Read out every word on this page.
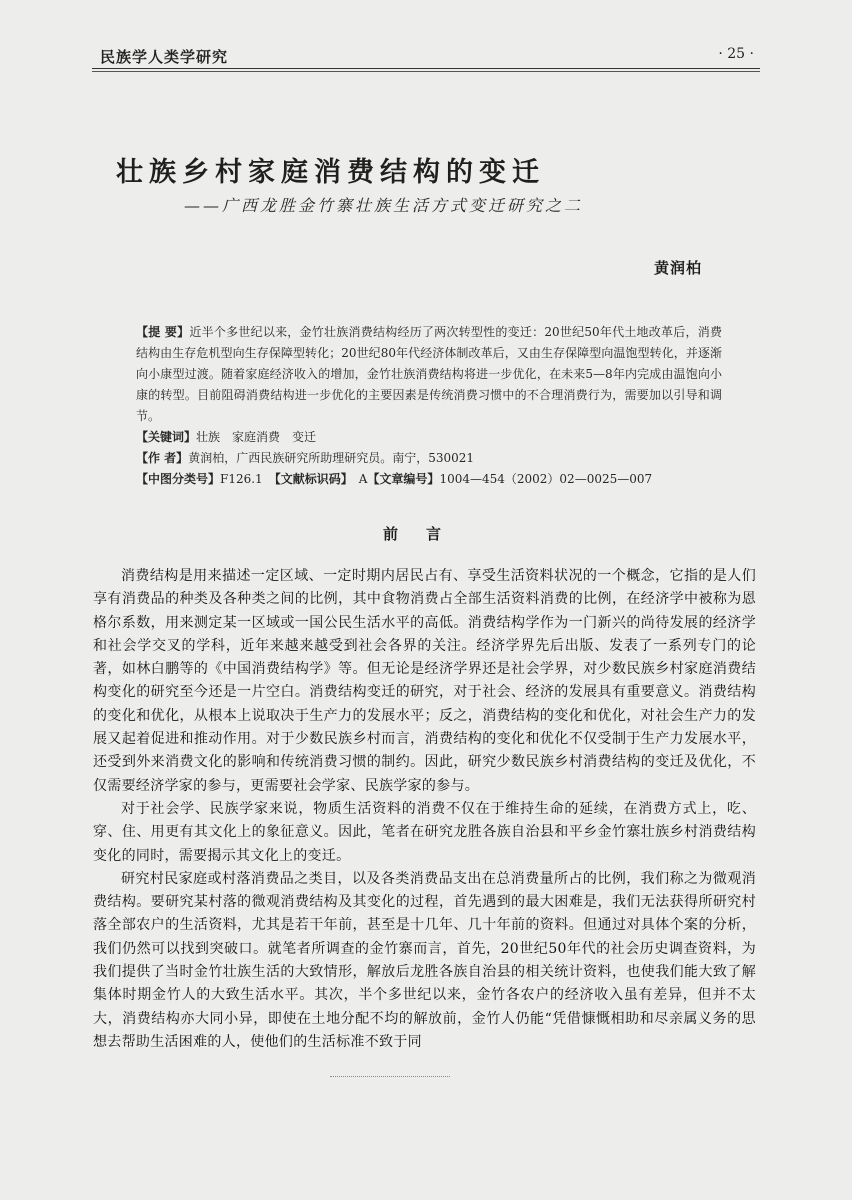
民族学人类学研究	· 25 ·
壮族乡村家庭消费结构的变迁
——广西龙胜金竹寨壮族生活方式变迁研究之二
黄润柏

【提 要】近半个多世纪以来，金竹壮族消费结构经历了两次转型性的变迁：20世纪50年代土地改革后，消费结构由生存危机型向生存保障型转化；20世纪80年代经济体制改革后，又由生存保障型向温饱型转化，并逐渐向小康型过渡。随着家庭经济收入的增加，金竹壮族消费结构将进一步优化，在未来5—8年内完成由温饱向小康的转型。目前阻碍消费结构进一步优化的主要因素是传统消费习惯中的不合理消费行为，需要加以引导和调节。

【关键词】壮族　家庭消费　变迁

【作 者】黄润柏，广西民族研究所助理研究员。南宁，530021

【中图分类号】F126.1　 【文献标识码】　 A【文章编号】1004—454（2002）02—0025—007

前言

消费结构是用来描述一定区域、一定时期内居民占有、享受生活资料状况的一个概念，它指的是人们享有消费品的种类及各种类之间的比例，其中食物消费占全部生活资料消费的比例，在经济学中被称为恩格尔系数，用来测定某一区域或一国公民生活水平的高低。消费结构学作为一门新兴的尚待发展的经济学和社会学交叉的学科，近年来越来越受到社会各界的关注。经济学界先后出版、发表了一系列专门的论著，如林白鹏等的《中国消费结构学》等。但无论是经济学界还是社会学界，对少数民族乡村家庭消费结构变化的研究至今还是一片空白。消费结构变迁的研究，对于社会、经济的发展具有重要意义。消费结构的变化和优化，从根本上说取决于生产力的发展水平；反之，消费结构的变化和优化，对社会生产力的发展又起着促进和推动作用。对于少数民族乡村而言，消费结构的变化和优化不仅受制于生产力发展水平，还受到外来消费文化的影响和传统消费习惯的制约。因此，研究少数民族乡村消费结构的变迁及优化，不仅需要经济学家的参与，更需要社会学家、民族学家的参与。

对于社会学、民族学家来说，物质生活资料的消费不仅在于维持生命的延续，在消费方式上，吃、穿、住、用更有其文化上的象征意义。因此，笔者在研究龙胜各族自治县和平乡金竹寨壮族乡村消费结构变化的同时，需要揭示其文化上的变迁。

研究村民家庭或村落消费品之类目，以及各类消费品支出在总消费量所占的比例，我们称之为微观消费结构。要研究某村落的微观消费结构及其变化的过程，首先遇到的最大困难是，我们无法获得所研究村落全部农户的生活资料，尤其是若干年前，甚至是十几年、几十年前的资料。但通过对具体个案的分析，我们仍然可以找到突破口。就笔者所调查的金竹寨而言，首先，20世纪50年代的社会历史调查资料，为我们提供了当时金竹壮族生活的大致情形，解放后龙胜各族自治县的相关统计资料，也使我们能大致了解集体时期金竹人的大致生活水平。其次，半个多世纪以来，金竹各农户的经济收入虽有差异，但并不太大，消费结构亦大同小异，即使在土地分配不均的解放前，金竹人仍能“凭借慷慨相助和尽亲属义务的思想去帮助生活困难的人，使他们的生活标准不致于同
